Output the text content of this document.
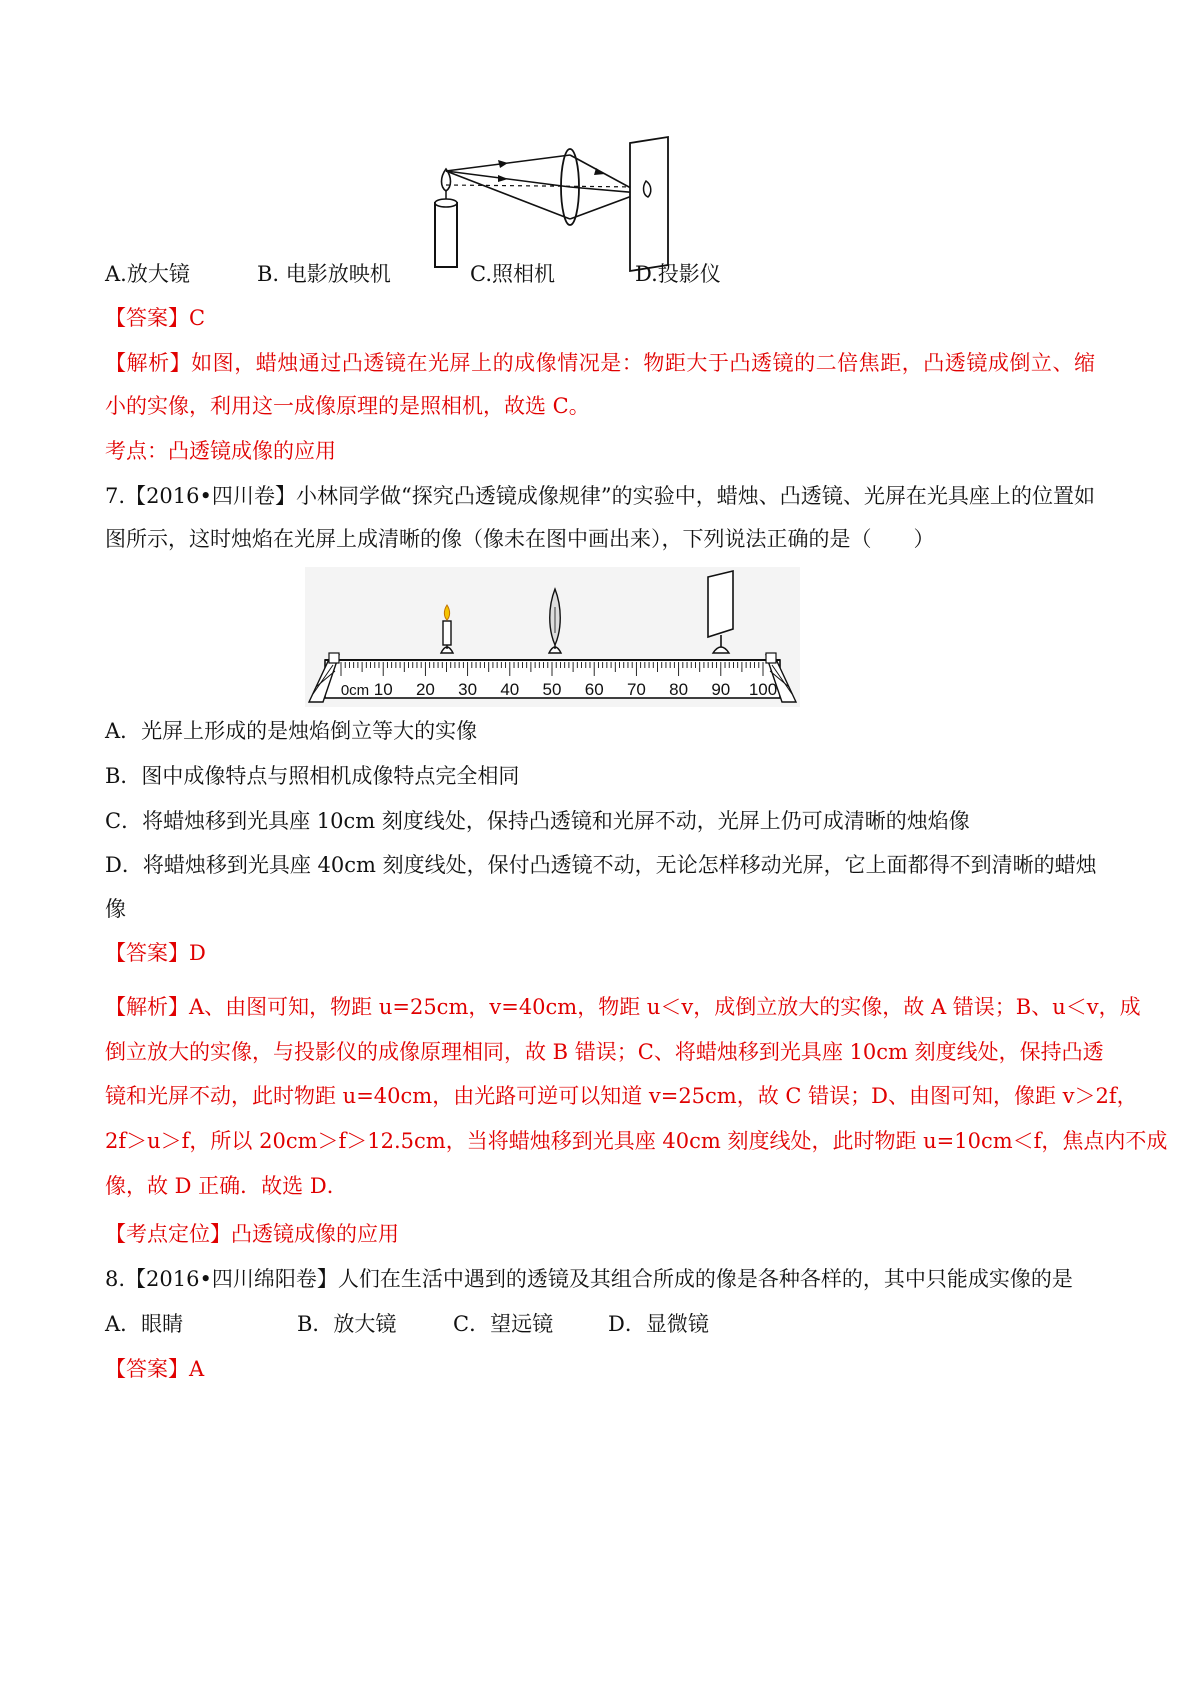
A.放大镜	B. 电影放映机	C.照相机	D.投影仪
【答案】C
【解析】如图，蜡烛通过凸透镜在光屏上的成像情况是：物距大于凸透镜的二倍焦距，凸透镜成倒立、缩
小的实像，利用这一成像原理的是照相机，故选 C。
考点：凸透镜成像的应用
7.【2016•四川卷】小林同学做“探究凸透镜成像规律”的实验中，蜡烛、凸透镜、光屏在光具座上的位置如
图所示，这时烛焰在光屏上成清晰的像（像未在图中画出来），下列说法正确的是（　　）
0cm 10 20 30 40 50 60 70 80 90 100
A．光屏上形成的是烛焰倒立等大的实像
B．图中成像特点与照相机成像特点完全相同
C．将蜡烛移到光具座 10cm 刻度线处，保持凸透镜和光屏不动，光屏上仍可成清晰的烛焰像
D．将蜡烛移到光具座 40cm 刻度线处，保付凸透镜不动，无论怎样移动光屏，它上面都得不到清晰的蜡烛
像
【答案】D
【解析】A、由图可知，物距 u=25cm，v=40cm，物距 u＜v，成倒立放大的实像，故 A 错误；B、u＜v，成
倒立放大的实像，与投影仪的成像原理相同，故 B 错误；C、将蜡烛移到光具座 10cm 刻度线处，保持凸透
镜和光屏不动，此时物距 u=40cm，由光路可逆可以知道 v=25cm，故 C 错误；D、由图可知，像距 v＞2f，
2f＞u＞f，所以 20cm＞f＞12.5cm，当将蜡烛移到光具座 40cm 刻度线处，此时物距 u=10cm＜f，焦点内不成
像，故 D 正确．故选 D．
【考点定位】凸透镜成像的应用
8.【2016•四川绵阳卷】人们在生活中遇到的透镜及其组合所成的像是各种各样的，其中只能成实像的是
A．眼睛	B．放大镜	C．望远镜	D．显微镜
【答案】A
